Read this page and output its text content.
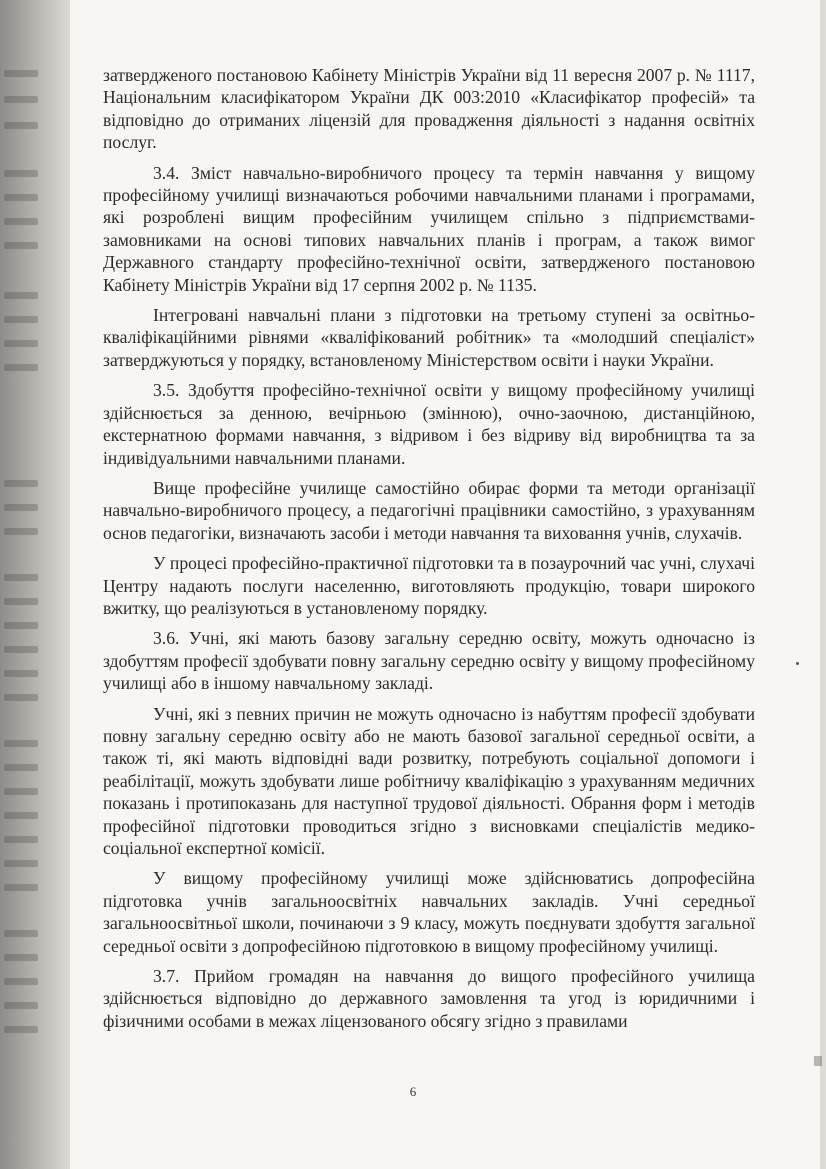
затвердженого постановою Кабінету Міністрів України від 11 вересня 2007 р. № 1117, Національним класифікатором України ДК 003:2010 «Класифікатор професій» та відповідно до отриманих ліцензій для провадження діяльності з надання освітніх послуг.

3.4. Зміст навчально-виробничого процесу та термін навчання у вищому професійному училищі визначаються робочими навчальними планами і програмами, які розроблені вищим професійним училищем спільно з підприємствами-замовниками на основі типових навчальних планів і програм, а також вимог Державного стандарту професійно-технічної освіти, затвердженого постановою Кабінету Міністрів України від 17 серпня 2002 р. № 1135.

Інтегровані навчальні плани з підготовки на третьому ступені за освітньо-кваліфікаційними рівнями «кваліфікований робітник» та «молодший спеціаліст» затверджуються у порядку, встановленому Міністерством освіти і науки України.

3.5. Здобуття професійно-технічної освіти у вищому професійному училищі здійснюється за денною, вечірньою (змінною), очно-заочною, дистанційною, екстернатною формами навчання, з відривом і без відриву від виробництва та за індивідуальними навчальними планами.

Вище професійне училище самостійно обирає форми та методи організації навчально-виробничого процесу, а педагогічні працівники самостійно, з урахуванням основ педагогіки, визначають засоби і методи навчання та виховання учнів, слухачів.

У процесі професійно-практичної підготовки та в позаурочний час учні, слухачі Центру надають послуги населенню, виготовляють продукцію, товари широкого вжитку, що реалізуються в установленому порядку.

3.6. Учні, які мають базову загальну середню освіту, можуть одночасно із здобуттям професії здобувати повну загальну середню освіту у вищому професійному училищі або в іншому навчальному закладі.

Учні, які з певних причин не можуть одночасно із набуттям професії здобувати повну загальну середню освіту або не мають базової загальної середньої освіти, а також ті, які мають відповідні вади розвитку, потребують соціальної допомоги і реабілітації, можуть здобувати лише робітничу кваліфікацію з урахуванням медичних показань і протипоказань для наступної трудової діяльності. Обрання форм і методів професійної підготовки проводиться згідно з висновками спеціалістів медико-соціальної експертної комісії.

У вищому професійному училищі може здійснюватись допрофесійна підготовка учнів загальноосвітніх навчальних закладів. Учні середньої загальноосвітньої школи, починаючи з 9 класу, можуть поєднувати здобуття загальної середньої освіти з допрофесійною підготовкою в вищому професійному училищі.

3.7. Прийом громадян на навчання до вищого професійного училища здійснюється відповідно до державного замовлення та угод із юридичними і фізичними особами в межах ліцензованого обсягу згідно з правилами

6
